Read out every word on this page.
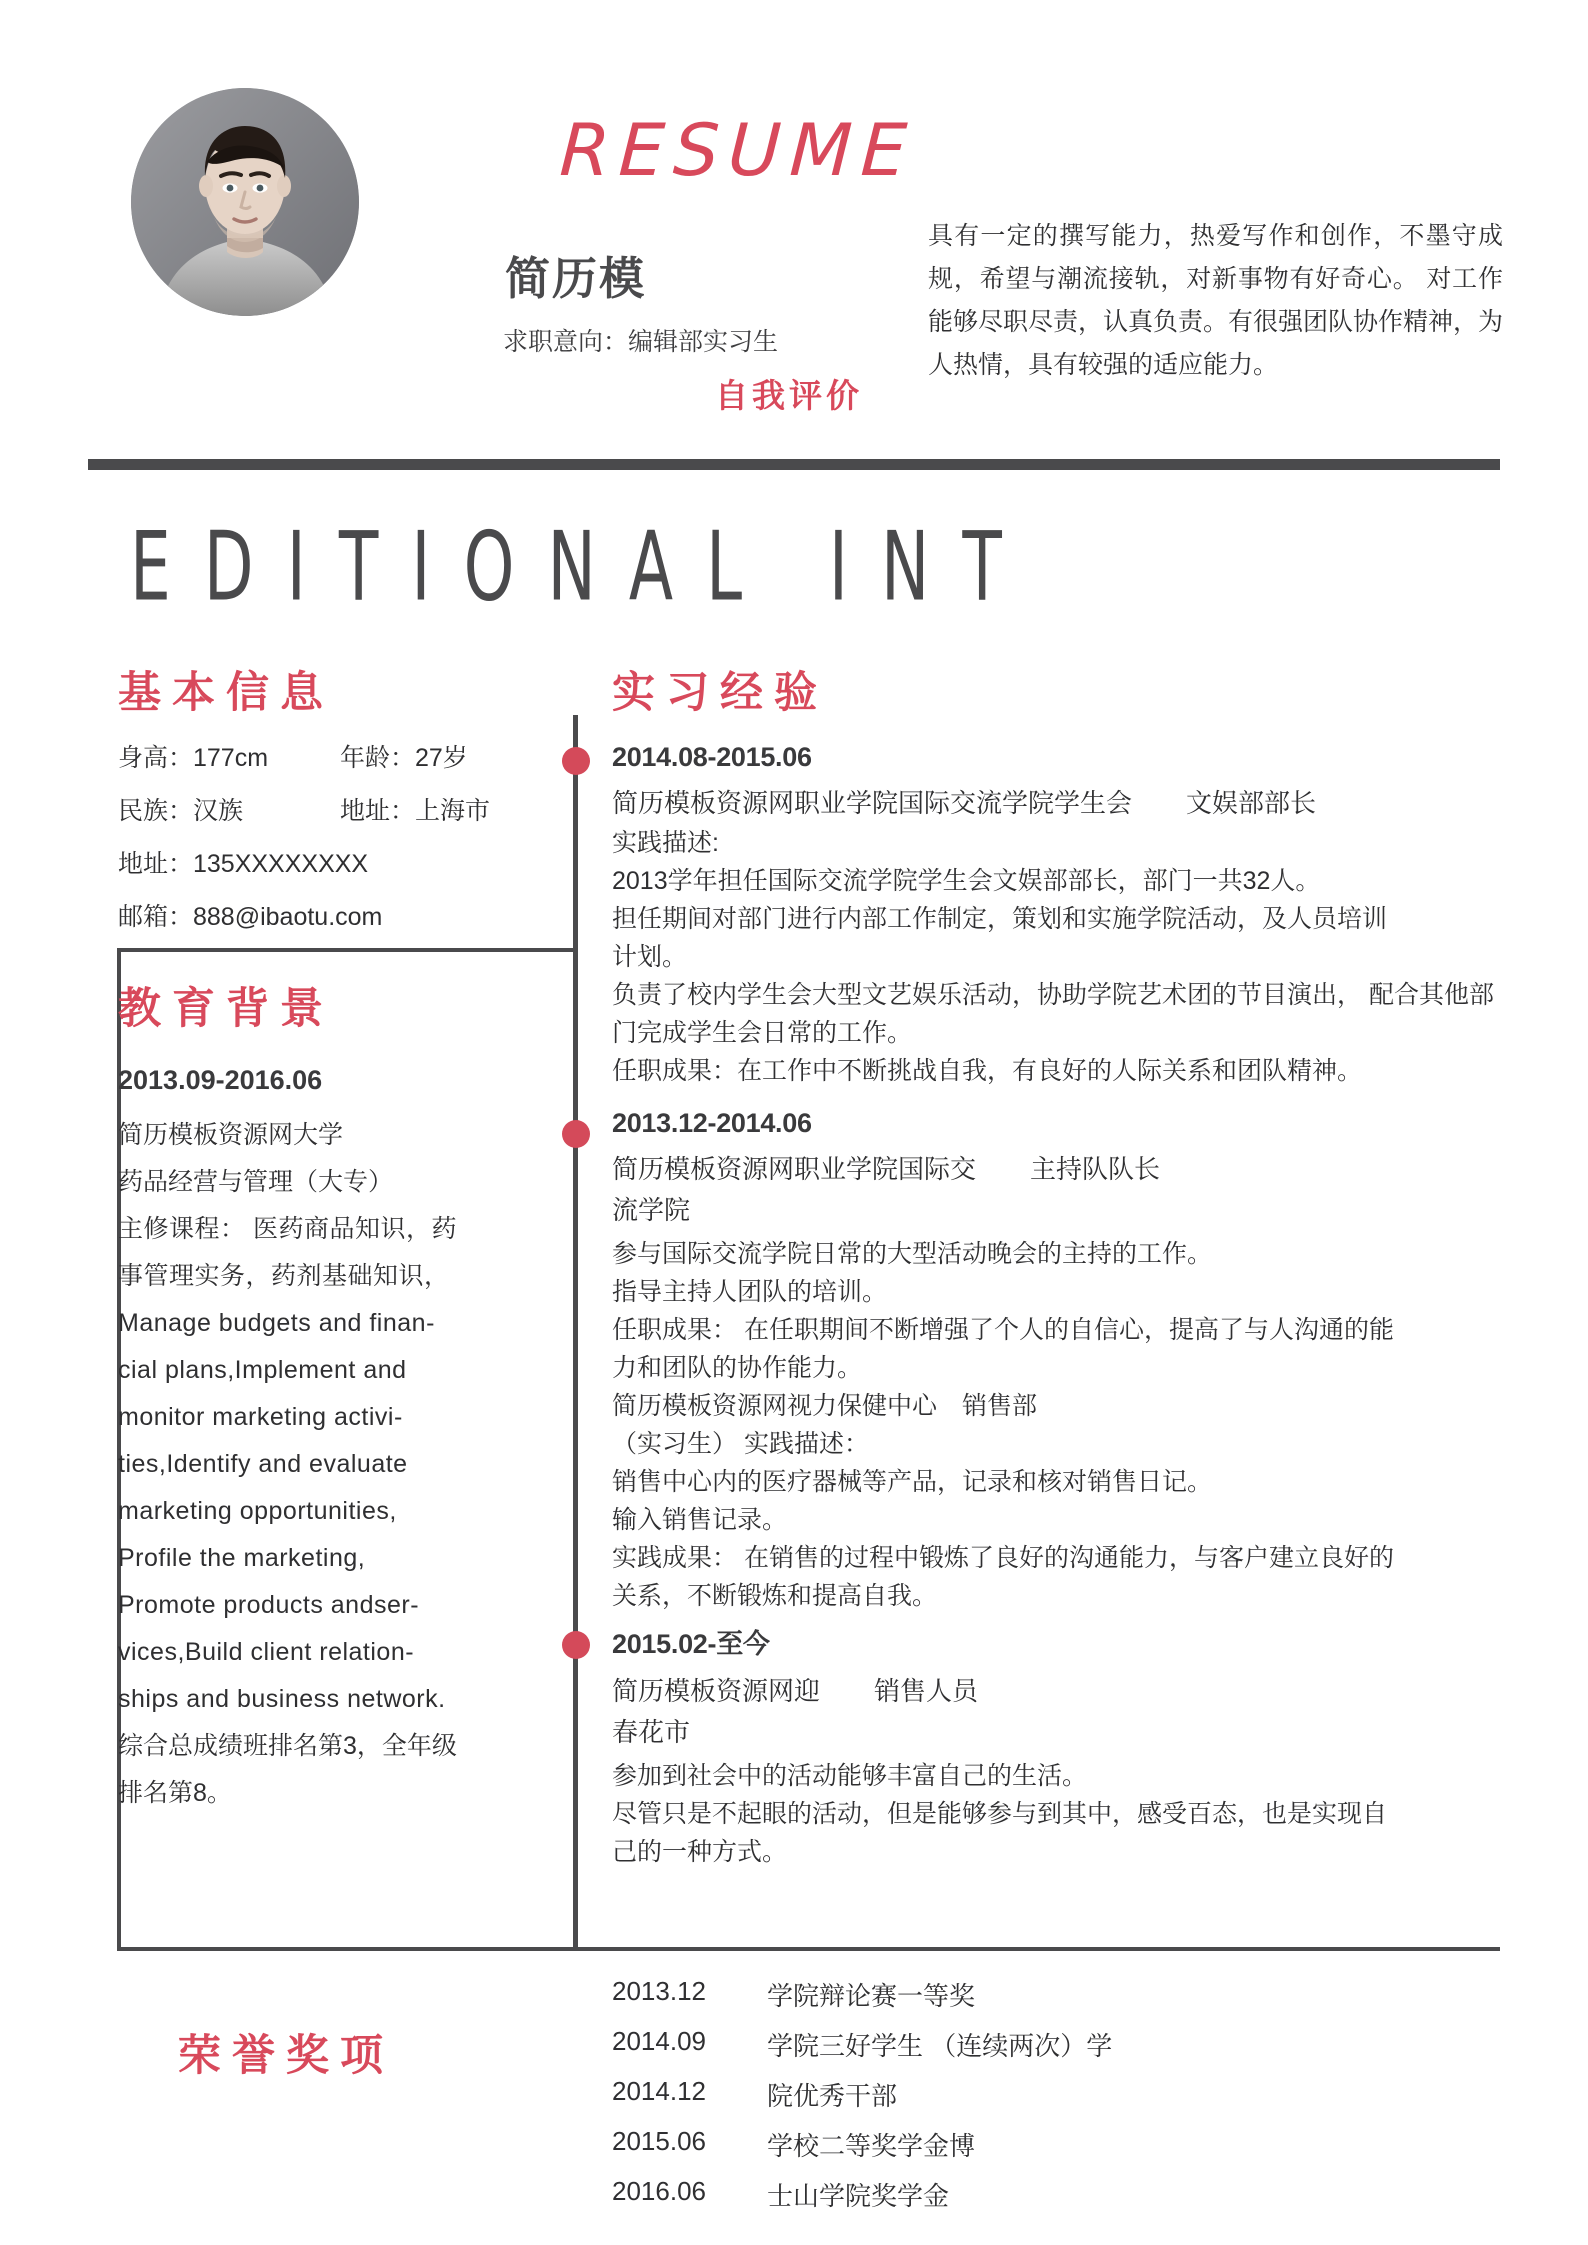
RESUME
简历模
求职意向：编辑部实习生
自我评价
具有一定的撰写能力，热爱写作和创作，不墨守成规，希望与潮流接轨，对新事物有好奇心。 对工作能够尽职尽责，认真负责。有很强团队协作精神，为人热情，具有较强的适应能力。
EDITIONAL INT
基本信息
身高：177cm	年龄：27岁
民族：汉族	地址：上海市
地址：135XXXXXXXX
邮箱：888@ibaotu.com
教育背景
2013.09-2016.06
简历模板资源网大学
药品经营与管理（大专）
主修课程： 医药商品知识，药
事管理实务，药剂基础知识，
Manage budgets and finan-
cial plans,Implement and
monitor marketing activi-
ties,Identify and evaluate
marketing opportunities,
Profile the marketing,
Promote products andser-
vices,Build client relation-
ships and business network.
综合总成绩班排名第3，全年级
排名第8。
实习经验
2014.08-2015.06
简历模板资源网职业学院国际交流学院学生会 文娱部部长
实践描述:
2013学年担任国际交流学院学生会文娱部部长，部门一共32人。
担任期间对部门进行内部工作制定，策划和实施学院活动，及人员培训
计划。
负责了校内学生会大型文艺娱乐活动，协助学院艺术团的节目演出， 配合其他部
门完成学生会日常的工作。
任职成果：在工作中不断挑战自我，有良好的人际关系和团队精神。
2013.12-2014.06
简历模板资源网职业学院国际交 主持队队长
流学院
参与国际交流学院日常的大型活动晚会的主持的工作。
指导主持人团队的培训。
任职成果： 在任职期间不断增强了个人的自信心，提高了与人沟通的能
力和团队的协作能力。
简历模板资源网视力保健中心　销售部
（实习生） 实践描述：
销售中心内的医疗器械等产品，记录和核对销售日记。
输入销售记录。
实践成果： 在销售的过程中锻炼了良好的沟通能力，与客户建立良好的
关系，不断锻炼和提高自我。
2015.02-至今
简历模板资源网迎 销售人员
春花市
参加到社会中的活动能够丰富自己的生活。
尽管只是不起眼的活动，但是能够参与到其中，感受百态，也是实现自
己的一种方式。
荣誉奖项
2013.12	学院辩论赛一等奖
2014.09	学院三好学生 （连续两次）学
2014.12	院优秀干部
2015.06	学校二等奖学金博
2016.06	士山学院奖学金
